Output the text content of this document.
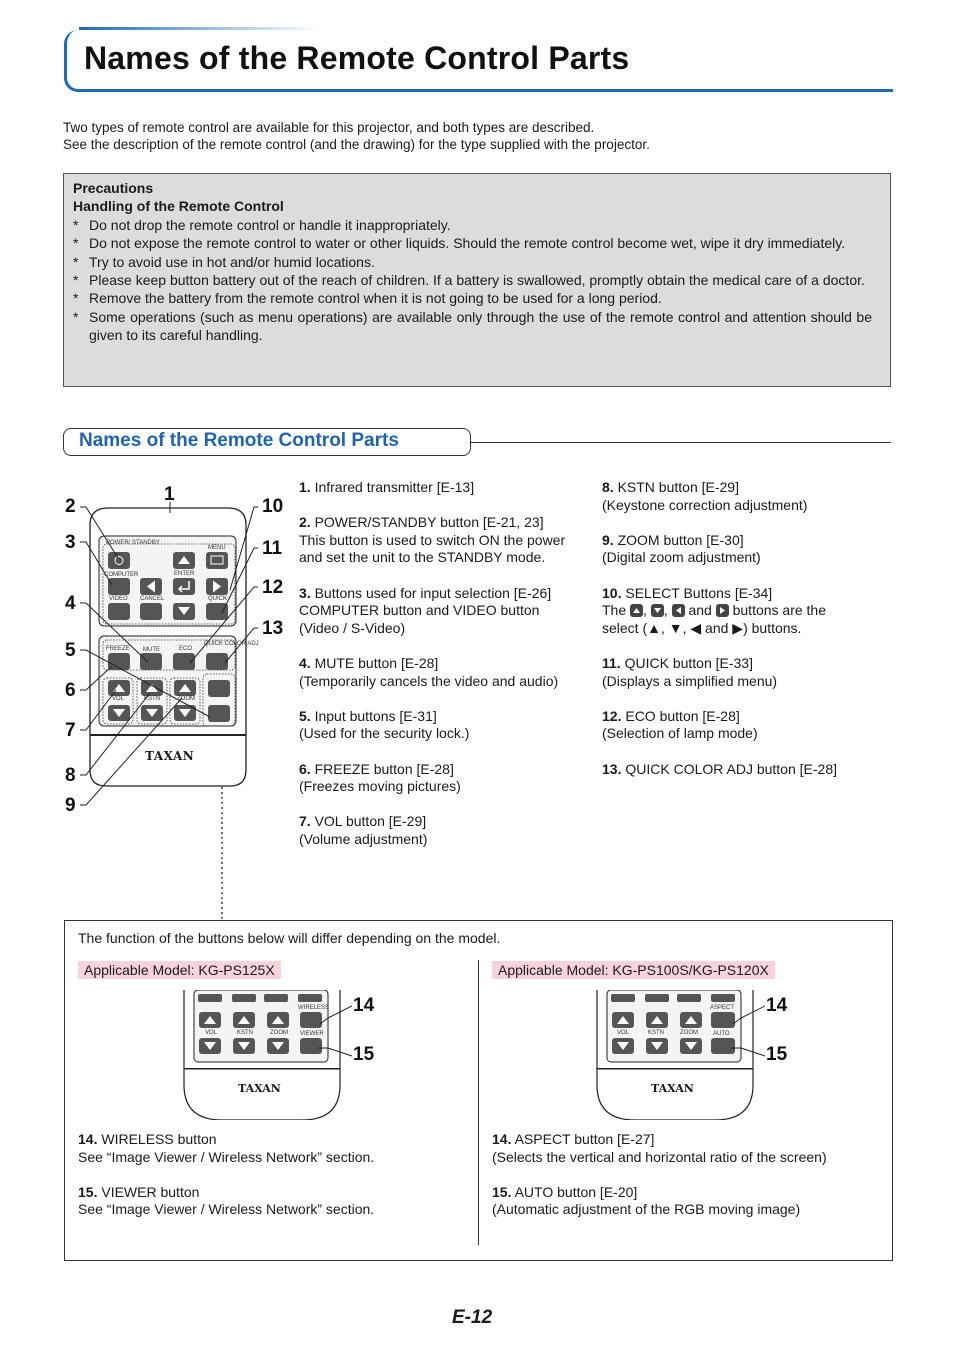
Names of the Remote Control Parts
Two types of remote control are available for this projector, and both types are described.
See the description of the remote control (and the drawing) for the type supplied with the projector.
Precautions
Handling of the Remote Control
* Do not drop the remote control or handle it inappropriately.
* Do not expose the remote control to water or other liquids. Should the remote control become wet, wipe it dry immediately.
* Try to avoid use in hot and/or humid locations.
* Please keep button battery out of the reach of children. If a battery is swallowed, promptly obtain the medical care of a doctor.
* Remove the battery from the remote control when it is not going to be used for a long period.
* Some operations (such as menu operations) are available only through the use of the remote control and attention should be given to its careful handling.
Names of the Remote Control Parts
POWER/ STANDBY
MENU
COMPUTER	ENTER
VIDEO CANCEL	QUICK
FREEZE MUTE	ECO
QUICK COLOR ADJ
VOL	KSTN	ZOOM
TAXAN
1
2
3
4
5
6
7
8
9
10
11
12
13
1. Infrared transmitter [E-13]
2. POWER/STANDBY button [E-21, 23]
This button is used to switch ON the power
and set the unit to the STANDBY mode.
3. Buttons used for input selection [E-26]
COMPUTER button and VIDEO button
(Video / S-Video)
4. MUTE button [E-28]
(Temporarily cancels the video and audio)
5. Input buttons [E-31]
(Used for the security lock.)
6. FREEZE button [E-28]
(Freezes moving pictures)
7. VOL button [E-29]
(Volume adjustment)
8. KSTN button [E-29]
(Keystone correction adjustment)
9. ZOOM button [E-30]
(Digital zoom adjustment)
10. SELECT Buttons [E-34]
The , , and buttons are the
select (▲, ▼, ◀ and ▶) buttons.
11. QUICK button [E-33]
(Displays a simplified menu)
12. ECO button [E-28]
(Selection of lamp mode)
13. QUICK COLOR ADJ button [E-28]
The function of the buttons below will differ depending on the model.
Applicable Model: KG-PS125X	Applicable Model: KG-PS100S/KG-PS120X
VOL	KSTN	ZOOM
WIRELESS
VIEWER
TAXAN
14
15
VOL	KSTN	ZOOM
ASPECT
AUTO
TAXAN
14
15
14. WIRELESS button
See “Image Viewer / Wireless Network” section.
15. VIEWER button
See “Image Viewer / Wireless Network” section.
14. ASPECT button [E-27]
(Selects the vertical and horizontal ratio of the screen)
15. AUTO button [E-20]
(Automatic adjustment of the RGB moving image)
E-12
